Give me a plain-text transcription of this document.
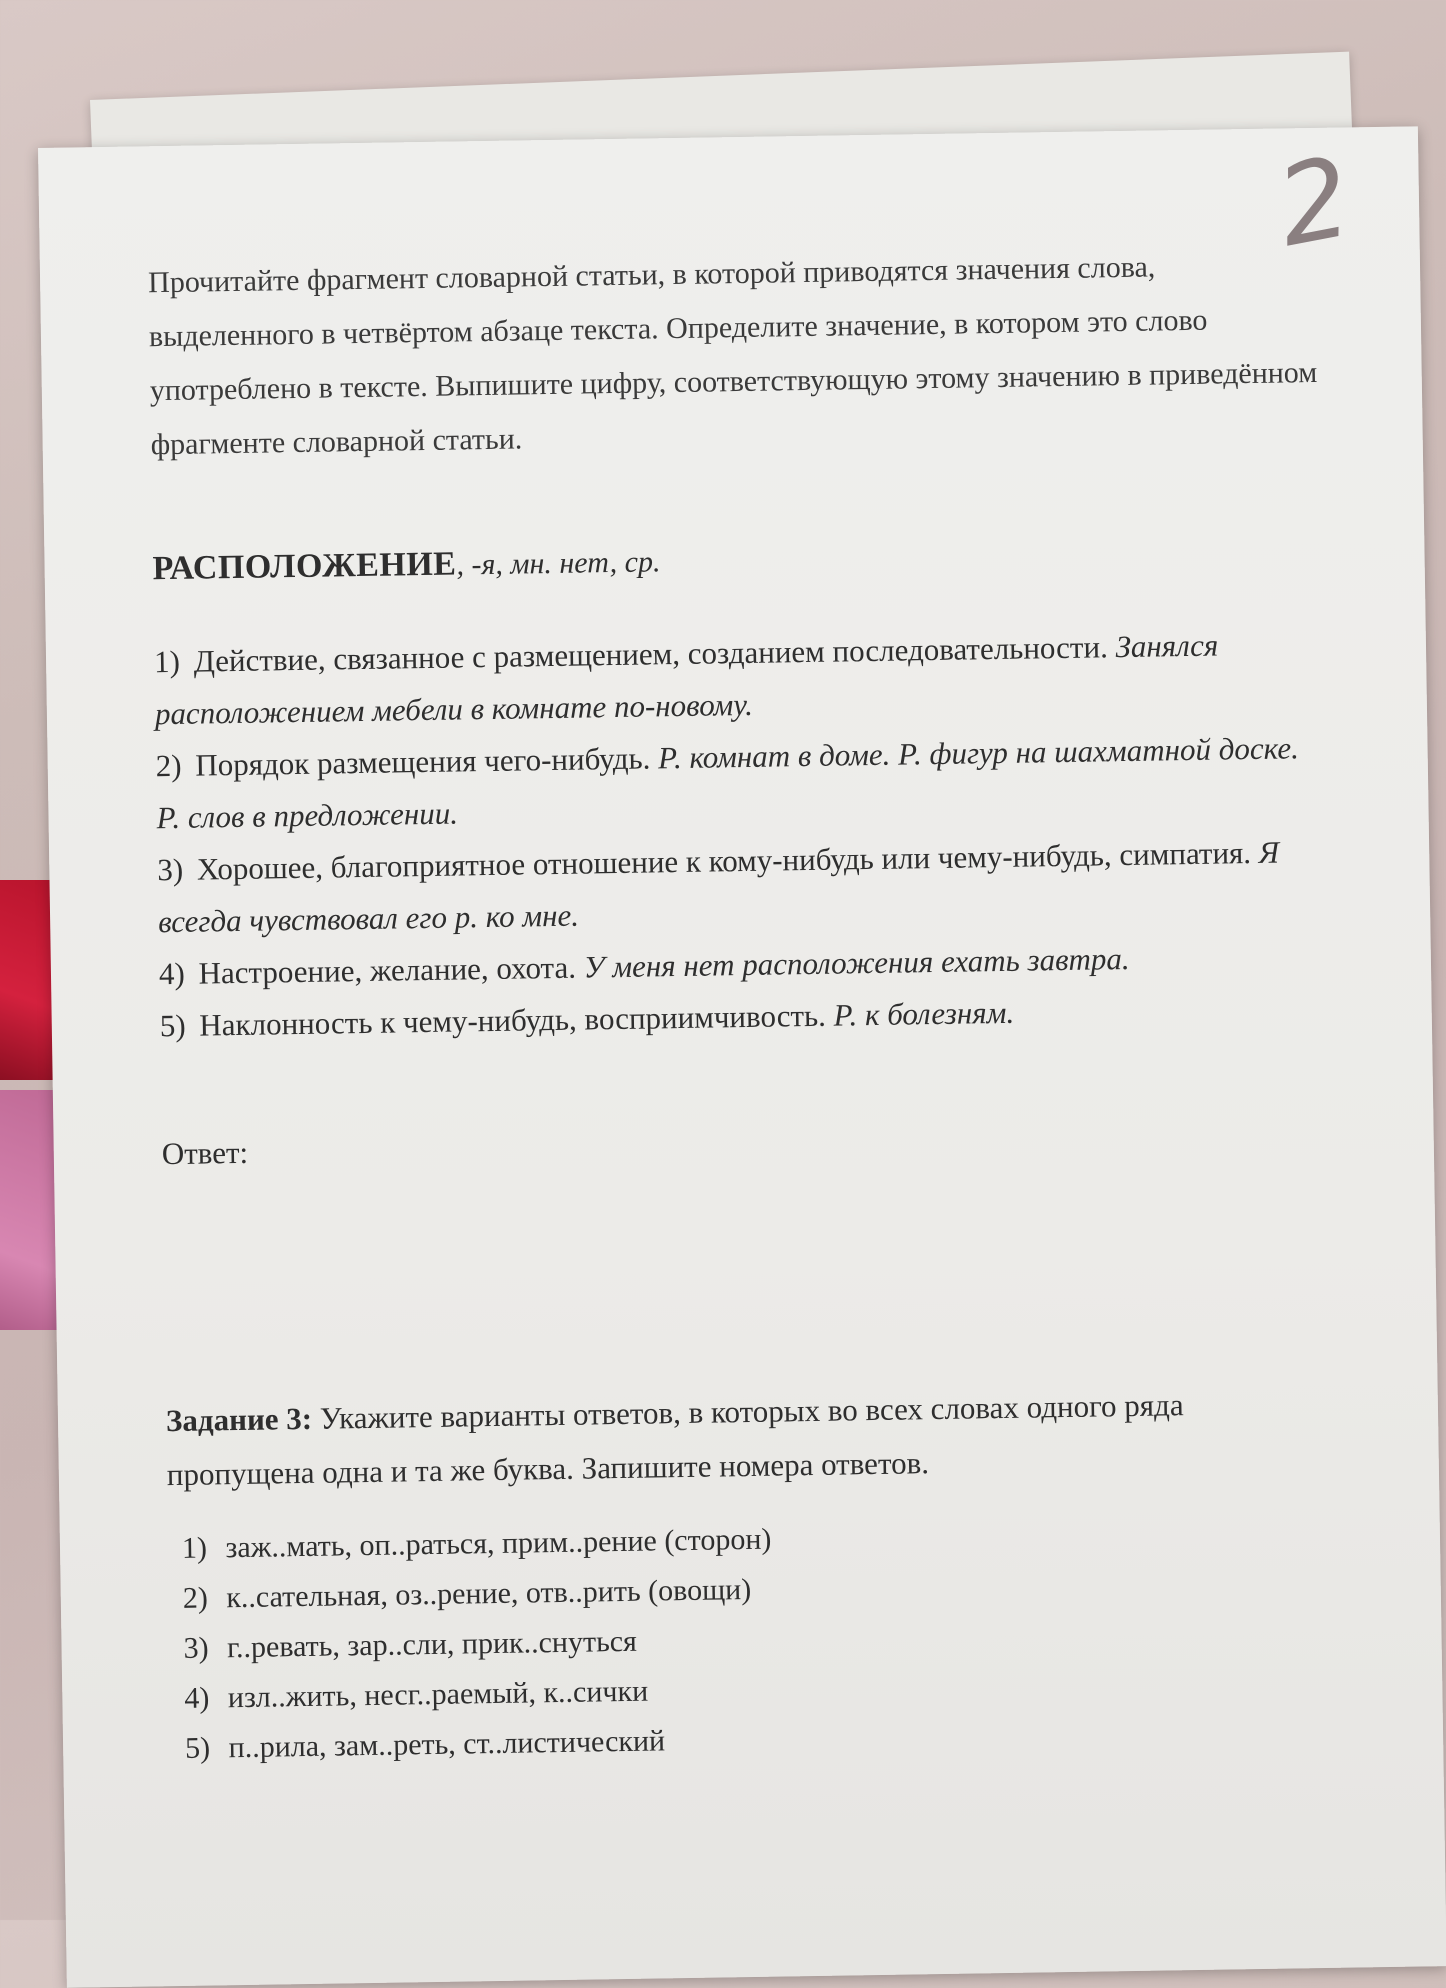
2

Прочитайте фрагмент словарной статьи, в которой приводятся значения слова, выделенного в четвёртом абзаце текста. Определите значение, в котором это слово употреблено в тексте. Выпишите цифру, соответствующую этому значению в приведённом фрагменте словарной статьи.

РАСПОЛОЖЕНИЕ, -я, мн. нет, ср.

1) Действие, связанное с размещением, созданием последовательности. Занялся расположением мебели в комнате по-новому.

2) Порядок размещения чего-нибудь. Р. комнат в доме. Р. фигур на шахматной доске. Р. слов в предложении.

3) Хорошее, благоприятное отношение к кому-нибудь или чему-нибудь, симпатия. Я всегда чувствовал его р. ко мне.

4) Настроение, желание, охота. У меня нет расположения ехать завтра.

5) Наклонность к чему-нибудь, восприимчивость. Р. к болезням.

Ответ:
Задание 3: Укажите варианты ответов, в которых во всех словах одного ряда пропущена одна и та же буква. Запишите номера ответов.

1) заж..мать, оп..раться, прим..рение (сторон)

2) к..сательная, оз..рение, отв..рить (овощи)

3) г..ревать, зар..сли, прик..снуться

4) изл..жить, несг..раемый, к..сички

5) п..рила, зам..реть, ст..листический
